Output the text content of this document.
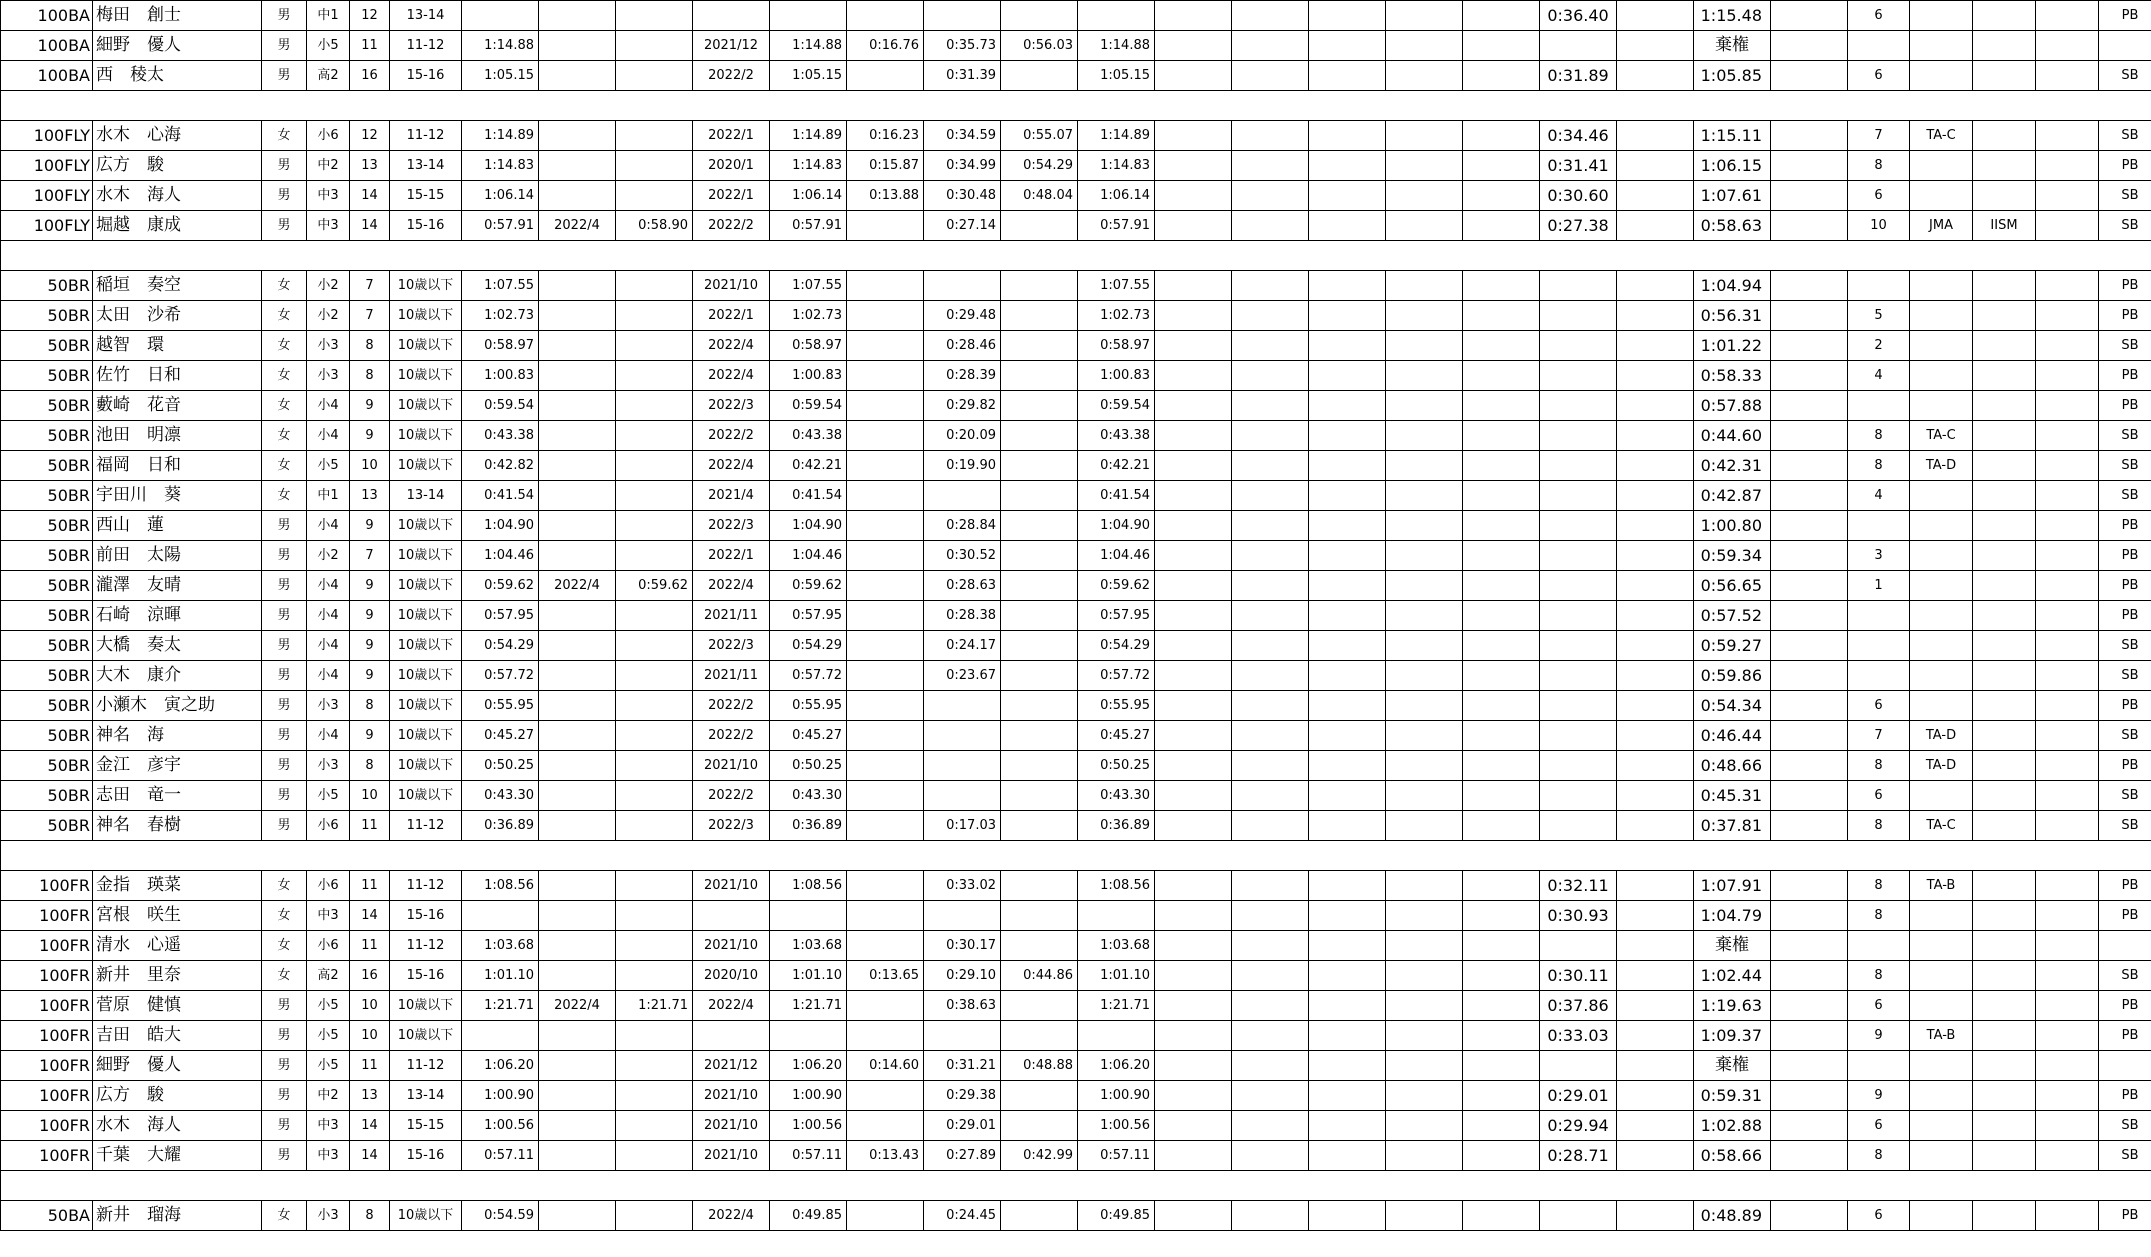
100BA	梅田　創士	男	中1	12	13-14															0:36.40		1:15.48		6				PB
100BA	細野　優人	男	小5	11	11-12	1:14.88			2021/12	1:14.88	0:16.76	0:35.73	0:56.03	1:14.88								棄権						
100BA	西　稜太	男	高2	16	15-16	1:05.15			2022/2	1:05.15		0:31.39		1:05.15						0:31.89		1:05.85		6				SB

100FLY	水木　心海	女	小6	12	11-12	1:14.89			2022/1	1:14.89	0:16.23	0:34.59	0:55.07	1:14.89						0:34.46		1:15.11		7	TA-C			SB
100FLY	広方　駿	男	中2	13	13-14	1:14.83			2020/1	1:14.83	0:15.87	0:34.99	0:54.29	1:14.83						0:31.41		1:06.15		8				PB
100FLY	水木　海人	男	中3	14	15-15	1:06.14			2022/1	1:06.14	0:13.88	0:30.48	0:48.04	1:06.14						0:30.60		1:07.61		6				SB
100FLY	堀越　康成	男	中3	14	15-16	0:57.91	2022/4	0:58.90	2022/2	0:57.91		0:27.14		0:57.91						0:27.38		0:58.63		10	JMA	IISM		SB

50BR	稲垣　奏空	女	小2	7	10歳以下	1:07.55			2021/10	1:07.55				1:07.55								1:04.94						PB
50BR	太田　沙希	女	小2	7	10歳以下	1:02.73			2022/1	1:02.73		0:29.48		1:02.73								0:56.31		5				PB
50BR	越智　環	女	小3	8	10歳以下	0:58.97			2022/4	0:58.97		0:28.46		0:58.97								1:01.22		2				SB
50BR	佐竹　日和	女	小3	8	10歳以下	1:00.83			2022/4	1:00.83		0:28.39		1:00.83								0:58.33		4				PB
50BR	藪崎　花音	女	小4	9	10歳以下	0:59.54			2022/3	0:59.54		0:29.82		0:59.54								0:57.88						PB
50BR	池田　明凛	女	小4	9	10歳以下	0:43.38			2022/2	0:43.38		0:20.09		0:43.38								0:44.60		8	TA-C			SB
50BR	福岡　日和	女	小5	10	10歳以下	0:42.82			2022/4	0:42.21		0:19.90		0:42.21								0:42.31		8	TA-D			SB
50BR	宇田川　葵	女	中1	13	13-14	0:41.54			2021/4	0:41.54				0:41.54								0:42.87		4				SB
50BR	西山　蓮	男	小4	9	10歳以下	1:04.90			2022/3	1:04.90		0:28.84		1:04.90								1:00.80						PB
50BR	前田　太陽	男	小2	7	10歳以下	1:04.46			2022/1	1:04.46		0:30.52		1:04.46								0:59.34		3				PB
50BR	瀧澤　友晴	男	小4	9	10歳以下	0:59.62	2022/4	0:59.62	2022/4	0:59.62		0:28.63		0:59.62								0:56.65		1				PB
50BR	石崎　涼暉	男	小4	9	10歳以下	0:57.95			2021/11	0:57.95		0:28.38		0:57.95								0:57.52						PB
50BR	大橋　奏太	男	小4	9	10歳以下	0:54.29			2022/3	0:54.29		0:24.17		0:54.29								0:59.27						SB
50BR	大木　康介	男	小4	9	10歳以下	0:57.72			2021/11	0:57.72		0:23.67		0:57.72								0:59.86						SB
50BR	小瀬木　寅之助	男	小3	8	10歳以下	0:55.95			2022/2	0:55.95				0:55.95								0:54.34		6				PB
50BR	神名　海	男	小4	9	10歳以下	0:45.27			2022/2	0:45.27				0:45.27								0:46.44		7	TA-D			SB
50BR	金江　彦宇	男	小3	8	10歳以下	0:50.25			2021/10	0:50.25				0:50.25								0:48.66		8	TA-D			PB
50BR	志田　竜一	男	小5	10	10歳以下	0:43.30			2022/2	0:43.30				0:43.30								0:45.31		6				SB
50BR	神名　春樹	男	小6	11	11-12	0:36.89			2022/3	0:36.89		0:17.03		0:36.89								0:37.81		8	TA-C			SB

100FR	金指　瑛菜	女	小6	11	11-12	1:08.56			2021/10	1:08.56		0:33.02		1:08.56						0:32.11		1:07.91		8	TA-B			PB
100FR	宮根　咲生	女	中3	14	15-16															0:30.93		1:04.79		8				PB
100FR	清水　心遥	女	小6	11	11-12	1:03.68			2021/10	1:03.68		0:30.17		1:03.68								棄権						
100FR	新井　里奈	女	高2	16	15-16	1:01.10			2020/10	1:01.10	0:13.65	0:29.10	0:44.86	1:01.10						0:30.11		1:02.44		8				SB
100FR	菅原　健慎	男	小5	10	10歳以下	1:21.71	2022/4	1:21.71	2022/4	1:21.71		0:38.63		1:21.71						0:37.86		1:19.63		6				PB
100FR	吉田　皓大	男	小5	10	10歳以下															0:33.03		1:09.37		9	TA-B			PB
100FR	細野　優人	男	小5	11	11-12	1:06.20			2021/12	1:06.20	0:14.60	0:31.21	0:48.88	1:06.20								棄権						
100FR	広方　駿	男	中2	13	13-14	1:00.90			2021/10	1:00.90		0:29.38		1:00.90						0:29.01		0:59.31		9				PB
100FR	水木　海人	男	中3	14	15-15	1:00.56			2021/10	1:00.56		0:29.01		1:00.56						0:29.94		1:02.88		6				SB
100FR	千葉　大耀	男	中3	14	15-16	0:57.11			2021/10	0:57.11	0:13.43	0:27.89	0:42.99	0:57.11						0:28.71		0:58.66		8				SB

50BA	新井　瑠海	女	小3	8	10歳以下	0:54.59			2022/4	0:49.85		0:24.45		0:49.85								0:48.89		6				PB
